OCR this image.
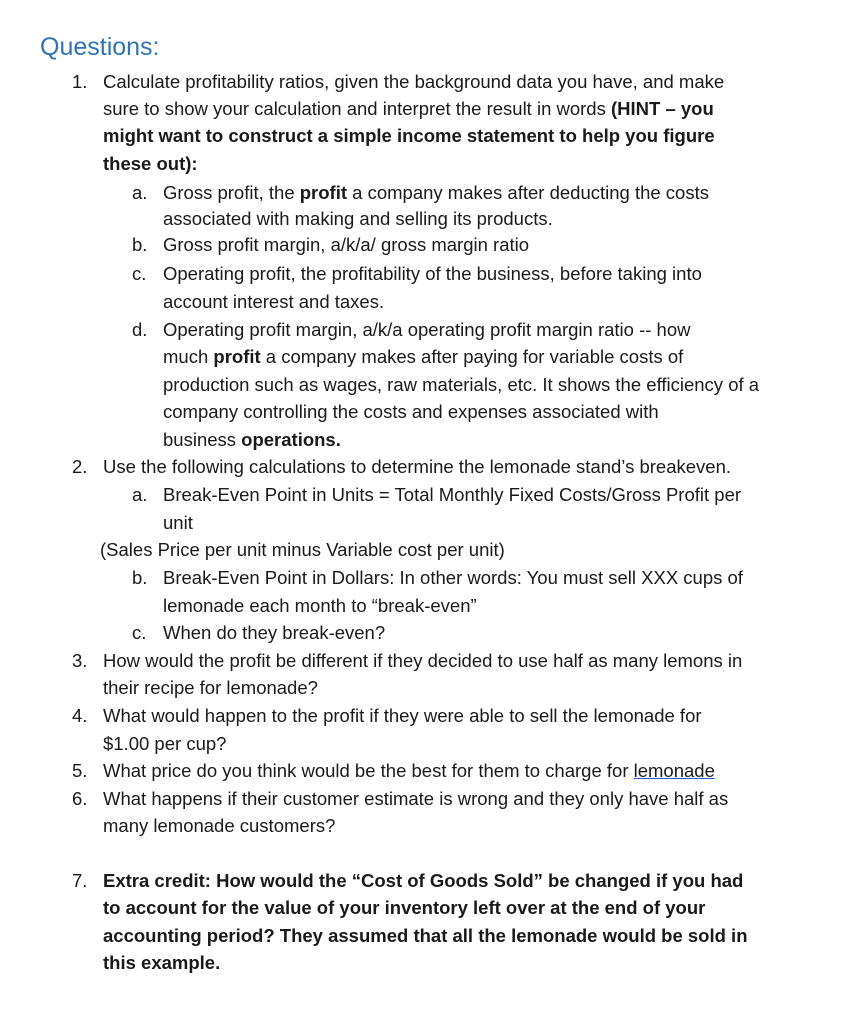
Questions:
1. Calculate profitability ratios, given the background data you have, and make
sure to show your calculation and interpret the result in words (HINT – you
might want to construct a simple income statement to help you figure
these out):
a. Gross profit, the profit a company makes after deducting the costs
associated with making and selling its products.
b. Gross profit margin, a/k/a/ gross margin ratio
c. Operating profit, the profitability of the business, before taking into
account interest and taxes.
d. Operating profit margin, a/k/a operating profit margin ratio -- how
much profit a company makes after paying for variable costs of
production such as wages, raw materials, etc. It shows the efficiency of a
company controlling the costs and expenses associated with
business operations.
2. Use the following calculations to determine the lemonade stand’s breakeven.
a. Break-Even Point in Units = Total Monthly Fixed Costs/Gross Profit per
unit
(Sales Price per unit minus Variable cost per unit)
b. Break-Even Point in Dollars: In other words: You must sell XXX cups of
lemonade each month to “break-even”
c. When do they break-even?
3. How would the profit be different if they decided to use half as many lemons in
their recipe for lemonade?
4. What would happen to the profit if they were able to sell the lemonade for
$1.00 per cup?
5. What price do you think would be the best for them to charge for lemonade
6. What happens if their customer estimate is wrong and they only have half as
many lemonade customers?
7. Extra credit: How would the “Cost of Goods Sold” be changed if you had
to account for the value of your inventory left over at the end of your
accounting period? They assumed that all the lemonade would be sold in
this example.
